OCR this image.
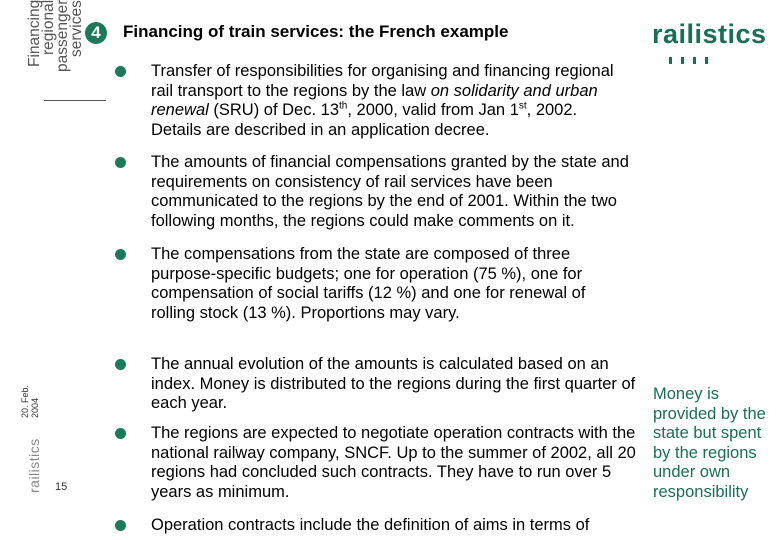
Financing
regional
passenger
services 4	Financing of train services: the French example	railistics
Transfer of responsibilities for organising and financing regional rail transport to the regions by the law on solidarity and urban renewal (SRU) of Dec. 13th, 2000, valid from Jan 1st, 2002. Details are described in an application decree.
The amounts of financial compensations granted by the state and requirements on consistency of rail services have been communicated to the regions by the end of 2001. Within the two following months, the regions could make comments on it.
The compensations from the state are composed of three purpose-specific budgets; one for operation (75 %), one for compensation of social tariffs (12 %) and one for renewal of rolling stock (13 %). Proportions may vary.
The annual evolution of the amounts is calculated based on an index. Money is distributed to the regions during the first quarter of each year.
The regions are expected to negotiate operation contracts with the national railway company, SNCF. Up to the summer of 2002, all 20 regions had concluded such contracts. They have to run over 5 years as minimum.
Operation contracts include the definition of aims in terms of
Money is provided by the state but spent by the regions under own responsibility
20. Feb. 2004
railistics 15
